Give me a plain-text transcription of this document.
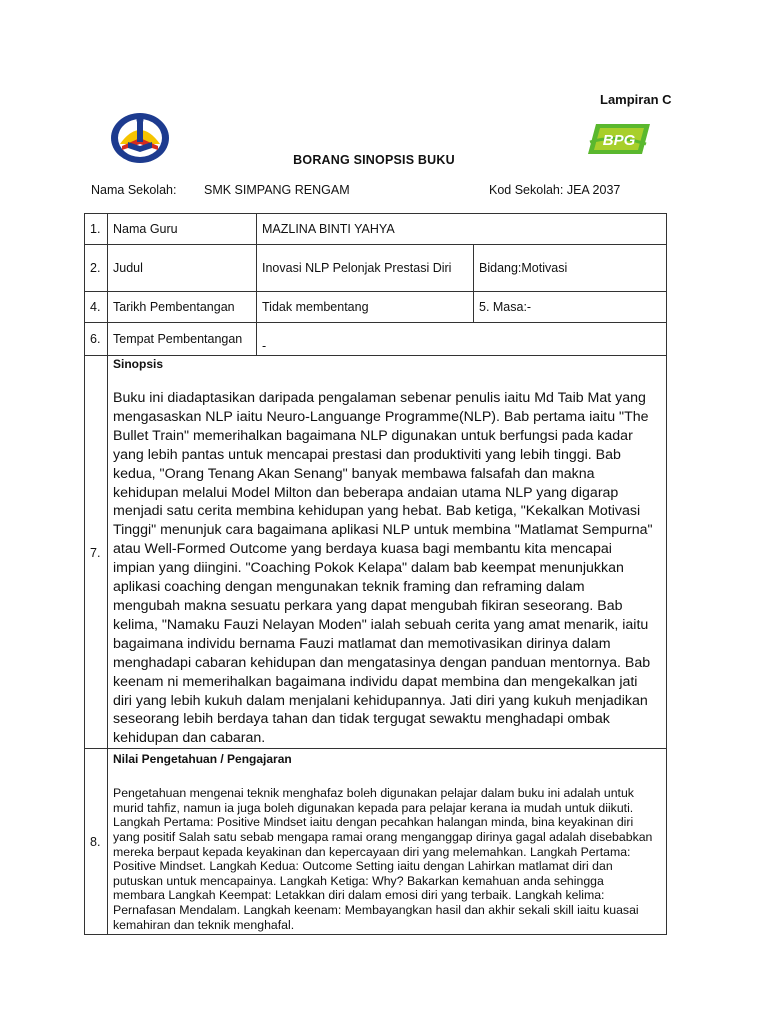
Lampiran C
BPG
BORANG SINOPSIS BUKU
Nama Sekolah: SMK SIMPANG RENGAM	Kod Sekolah: JEA 2037
1.	Nama Guru	MAZLINA BINTI YAHYA	
2.	Judul	Inovasi NLP Pelonjak Prestasi Diri	Bidang:Motivasi
4.	Tarikh Pembentangan	Tidak membentang	5. Masa:-
6.	Tempat Pembentangan	-	
7.	Sinopsis
Buku ini diadaptasikan daripada pengalaman sebenar penulis iaitu Md Taib Mat yang mengasaskan NLP iaitu Neuro-Languange Programme(NLP). Bab pertama iaitu "The Bullet Train" memerihalkan bagaimana NLP digunakan untuk berfungsi pada kadar yang lebih pantas untuk mencapai prestasi dan produktiviti yang lebih tinggi. Bab kedua, "Orang Tenang Akan Senang" banyak membawa falsafah dan makna kehidupan melalui Model Milton dan beberapa andaian utama NLP yang digarap menjadi satu cerita membina kehidupan yang hebat. Bab ketiga, "Kekalkan Motivasi Tinggi" menunjuk cara bagaimana aplikasi NLP untuk membina "Matlamat Sempurna" atau Well-Formed Outcome yang berdaya kuasa bagi membantu kita mencapai impian yang diingini. "Coaching Pokok Kelapa" dalam bab keempat menunjukkan aplikasi coaching dengan mengunakan teknik framing dan reframing dalam mengubah makna sesuatu perkara yang dapat mengubah fikiran seseorang. Bab kelima, "Namaku Fauzi Nelayan Moden" ialah sebuah cerita yang amat menarik, iaitu bagaimana individu bernama Fauzi matlamat dan memotivasikan dirinya dalam menghadapi cabaran kehidupan dan mengatasinya dengan panduan mentornya. Bab keenam ni memerihalkan bagaimana individu dapat membina dan mengekalkan jati diri yang lebih kukuh dalam menjalani kehidupannya. Jati diri yang kukuh menjadikan seseorang lebih berdaya tahan dan tidak tergugat sewaktu menghadapi ombak kehidupan dan cabaran.		

8.	Nilai Pengetahuan / Pengajaran
Pengetahuan mengenai teknik menghafaz boleh digunakan pelajar dalam buku ini adalah untuk murid tahfiz, namun ia juga boleh digunakan kepada para pelajar kerana ia mudah untuk diikuti. Langkah Pertama: Positive Mindset iaitu dengan pecahkan halangan minda, bina keyakinan diri yang positif Salah satu sebab mengapa ramai orang menganggap dirinya gagal adalah disebabkan mereka berpaut kepada keyakinan dan kepercayaan diri yang melemahkan. Langkah Pertama: Positive Mindset. Langkah Kedua: Outcome Setting iaitu dengan Lahirkan matlamat diri dan putuskan untuk mencapainya. Langkah Ketiga: Why? Bakarkan kemahuan anda sehingga membara Langkah Keempat: Letakkan diri dalam emosi diri yang terbaik. Langkah kelima: Pernafasan Mendalam. Langkah keenam: Membayangkan hasil dan akhir sekali skill iaitu kuasai kemahiran dan teknik menghafal.		
